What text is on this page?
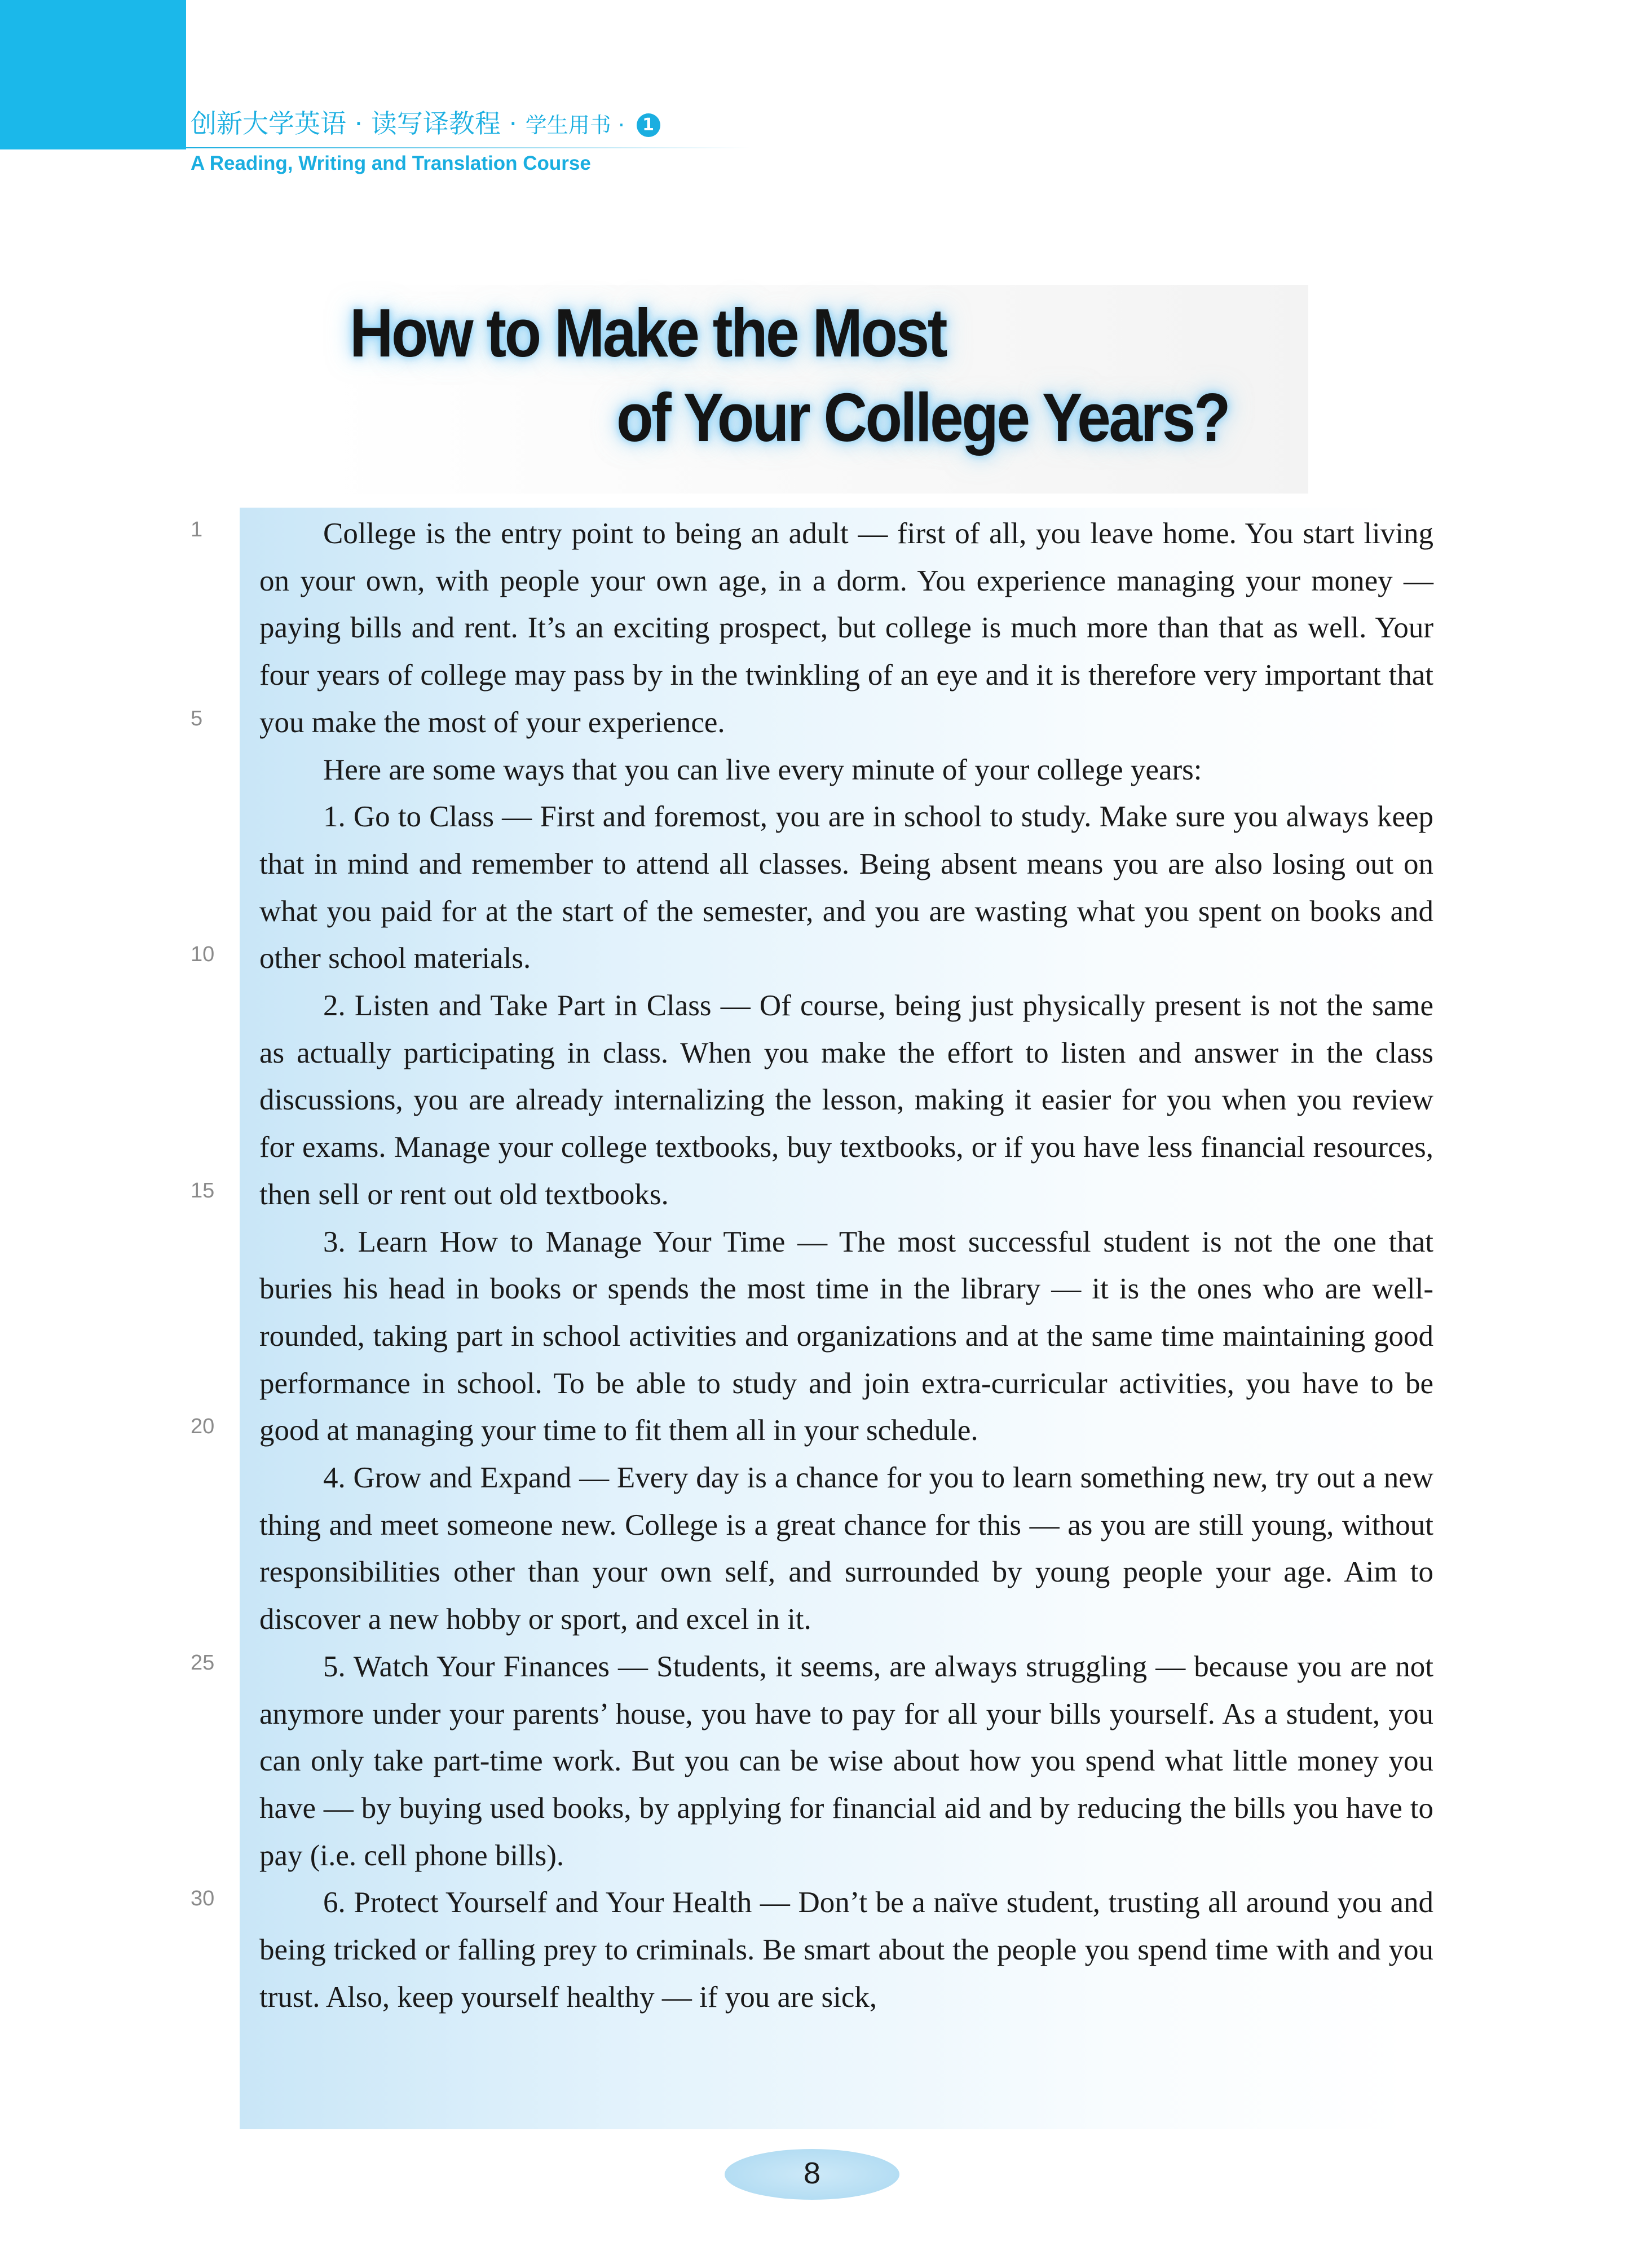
创新大学英语 · 读写译教程 · 学生用书 · 1
A Reading, Writing and Translation Course
How to Make the Most
of Your College Years?
1
5
10
15
20
25
30

College is the entry point to being an adult — first of all, you leave home. You start living on your own, with people your own age, in a dorm. You experience managing your money — paying bills and rent. It’s an exciting prospect, but college is much more than that as well. Your four years of college may pass by in the twinkling of an eye and it is therefore very important that you make the most of your experience.

Here are some ways that you can live every minute of your college years:

1. Go to Class — First and foremost, you are in school to study. Make sure you always keep that in mind and remember to attend all classes. Being absent means you are also losing out on what you paid for at the start of the semester, and you are wasting what you spent on books and other school materials.

2. Listen and Take Part in Class — Of course, being just physically present is not the same as actually participating in class. When you make the effort to listen and answer in the class discussions, you are already internalizing the lesson, making it easier for you when you review for exams. Manage your college textbooks, buy textbooks, or if you have less financial resources, then sell or rent out old textbooks.

3. Learn How to Manage Your Time — The most successful student is not the one that buries his head in books or spends the most time in the library — it is the ones who are well-rounded, taking part in school activities and organizations and at the same time maintaining good performance in school. To be able to study and join extra-curricular activities, you have to be good at managing your time to fit them all in your schedule.

4. Grow and Expand — Every day is a chance for you to learn something new, try out a new thing and meet someone new. College is a great chance for this — as you are still young, without responsibilities other than your own self, and surrounded by young people your age. Aim to discover a new hobby or sport, and excel in it.

5. Watch Your Finances — Students, it seems, are always struggling — because you are not anymore under your parents’ house, you have to pay for all your bills yourself. As a student, you can only take part-time work. But you can be wise about how you spend what little money you have — by buying used books, by applying for financial aid and by reducing the bills you have to pay (i.e. cell phone bills).

6. Protect Yourself and Your Health — Don’t be a naïve student, trusting all around you and being tricked or falling prey to criminals. Be smart about the people you spend time with and you trust. Also, keep yourself healthy — if you are sick,

8
